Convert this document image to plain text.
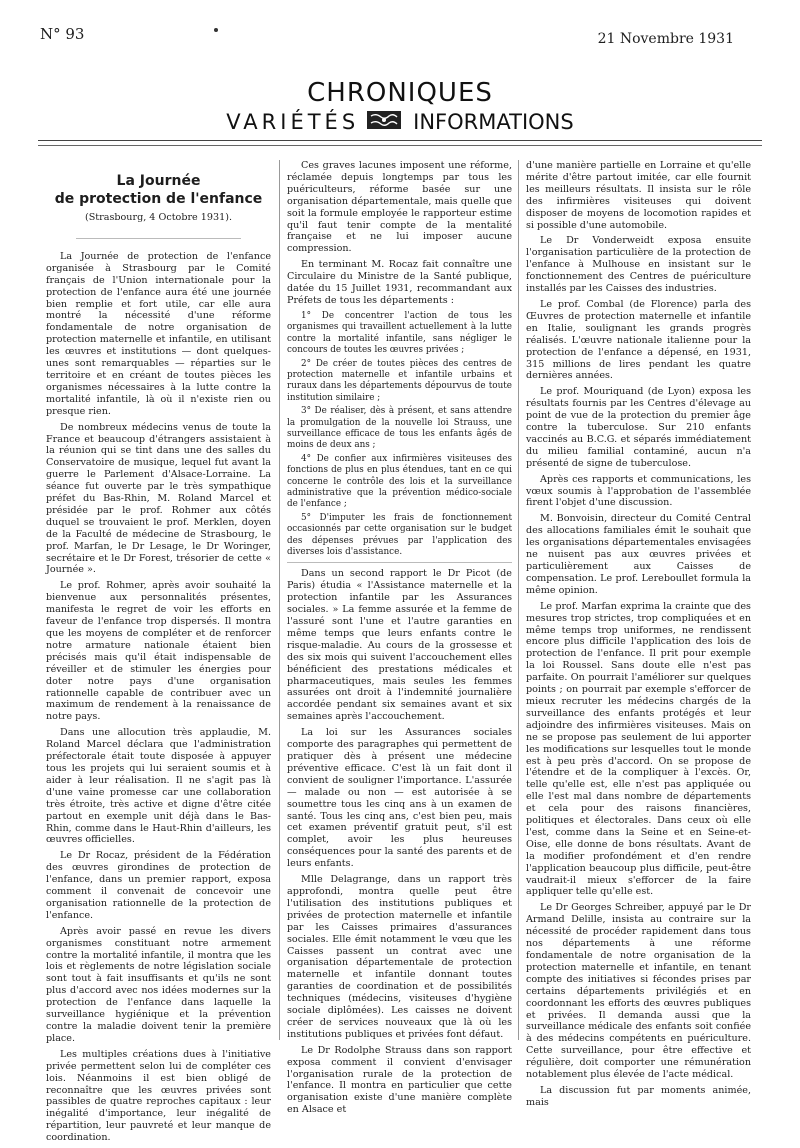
N° 93	21 Novembre 1931
CHRONIQUES
VARIÉTÉS	INFORMATIONS
La Journée
de protection de l'enfance
(Strasbourg, 4 Octobre 1931).

La Journée de protection de l'enfance organisée à Strasbourg par le Comité français de l'Union internationale pour la protection de l'enfance aura été une journée bien remplie et fort utile, car elle aura montré la nécessité d'une réforme fondamentale de notre organisation de protection maternelle et infantile, en utilisant les œuvres et institutions — dont quelques-unes sont remarquables — réparties sur le territoire et en créant de toutes pièces les organismes nécessaires à la lutte contre la mortalité infantile, là où il n'existe rien ou presque rien.

De nombreux médecins venus de toute la France et beaucoup d'étrangers assistaient à la réunion qui se tint dans une des salles du Conservatoire de musique, lequel fut avant la guerre le Parlement d'Alsace-Lorraine. La séance fut ouverte par le très sympathique préfet du Bas-Rhin, M. Roland Marcel et présidée par le prof. Rohmer aux côtés duquel se trouvaient le prof. Merklen, doyen de la Faculté de médecine de Strasbourg, le prof. Marfan, le Dr Lesage, le Dr Woringer, secrétaire et le Dr Forest, trésorier de cette « Journée ».

Le prof. Rohmer, après avoir souhaité la bienvenue aux personnalités présentes, manifesta le regret de voir les efforts en faveur de l'enfance trop dispersés. Il montra que les moyens de compléter et de renforcer notre armature nationale étaient bien précisés mais qu'il était indispensable de réveiller et de stimuler les énergies pour doter notre pays d'une organisation rationnelle capable de contribuer avec un maximum de rendement à la renaissance de notre pays.

Dans une allocution très applaudie, M. Roland Marcel déclara que l'administration préfectorale était toute disposée à appuyer tous les projets qui lui seraient soumis et à aider à leur réalisation. Il ne s'agit pas là d'une vaine promesse car une collaboration très étroite, très active et digne d'être citée partout en exemple unit déjà dans le Bas-Rhin, comme dans le Haut-Rhin d'ailleurs, les œuvres officielles.

Le Dr Rocaz, président de la Fédération des œuvres girondines de protection de l'enfance, dans un premier rapport, exposa comment il convenait de concevoir une organisation rationnelle de la protection de l'enfance.

Après avoir passé en revue les divers organismes constituant notre armement contre la mortalité infantile, il montra que les lois et règlements de notre législation sociale sont tout à fait insuffisants et qu'ils ne sont plus d'accord avec nos idées modernes sur la protection de l'enfance dans laquelle la surveillance hygiénique et la prévention contre la maladie doivent tenir la première place.

Les multiples créations dues à l'initiative privée permettent selon lui de compléter ces lois. Néanmoins il est bien obligé de reconnaître que les œuvres privées sont passibles de quatre reproches capitaux : leur inégalité d'importance, leur inégalité de répartition, leur pauvreté et leur manque de coordination.

Ces graves lacunes imposent une réforme, réclamée depuis longtemps par tous les puériculteurs, réforme basée sur une organisation départementale, mais quelle que soit la formule employée le rapporteur estime qu'il faut tenir compte de la mentalité française et ne lui imposer aucune compression.

En terminant M. Rocaz fait connaître une Circulaire du Ministre de la Santé publique, datée du 15 Juillet 1931, recommandant aux Préfets de tous les départements :

1° De concentrer l'action de tous les organismes qui travaillent actuellement à la lutte contre la mortalité infantile, sans négliger le concours de toutes les œuvres privées ;
2° De créer de toutes pièces des centres de protection maternelle et infantile urbains et ruraux dans les départements dépourvus de toute institution similaire ;
3° De réaliser, dès à présent, et sans attendre la promulgation de la nouvelle loi Strauss, une surveillance efficace de tous les enfants âgés de moins de deux ans ;
4° De confier aux infirmières visiteuses des fonctions de plus en plus étendues, tant en ce qui concerne le contrôle des lois et la surveillance administrative que la prévention médico-sociale de l'enfance ;
5° D'imputer les frais de fonctionnement occasionnés par cette organisation sur le budget des dépenses prévues par l'application des diverses lois d'assistance.

Dans un second rapport le Dr Picot (de Paris) étudia « l'Assistance maternelle et la protection infantile par les Assurances sociales. » La femme assurée et la femme de l'assuré sont l'une et l'autre garanties en même temps que leurs enfants contre le risque-maladie. Au cours de la grossesse et des six mois qui suivent l'accouchement elles bénéficient des prestations médicales et pharmaceutiques, mais seules les femmes assurées ont droit à l'indemnité journalière accordée pendant six semaines avant et six semaines après l'accouchement.

La loi sur les Assurances sociales comporte des paragraphes qui permettent de pratiquer dès à présent une médecine préventive efficace. C'est là un fait dont il convient de souligner l'importance. L'assurée — malade ou non — est autorisée à se soumettre tous les cinq ans à un examen de santé. Tous les cinq ans, c'est bien peu, mais cet examen préventif gratuit peut, s'il est complet, avoir les plus heureuses conséquences pour la santé des parents et de leurs enfants.

Mlle Delagrange, dans un rapport très approfondi, montra quelle peut être l'utilisation des institutions publiques et privées de protection maternelle et infantile par les Caisses primaires d'assurances sociales. Elle émit notamment le vœu que les Caisses passent un contrat avec une organisation départementale de protection maternelle et infantile donnant toutes garanties de coordination et de possibilités techniques (médecins, visiteuses d'hygiène sociale diplômées). Les caisses ne doivent créer de services nouveaux que là où les institutions publiques et privées font défaut.

Le Dr Rodolphe Strauss dans son rapport exposa comment il convient d'envisager l'organisation rurale de la protection de l'enfance. Il montra en particulier que cette organisation existe d'une manière complète en Alsace et

d'une manière partielle en Lorraine et qu'elle mérite d'être partout imitée, car elle fournit les meilleurs résultats. Il insista sur le rôle des infirmières visiteuses qui doivent disposer de moyens de locomotion rapides et si possible d'une automobile.

Le Dr Vonderweidt exposa ensuite l'organisation particulière de la protection de l'enfance à Mulhouse en insistant sur le fonctionnement des Centres de puériculture installés par les Caisses des industries.

Le prof. Combal (de Florence) parla des Œuvres de protection maternelle et infantile en Italie, soulignant les grands progrès réalisés. L'œuvre nationale italienne pour la protection de l'enfance a dépensé, en 1931, 315 millions de lires pendant les quatre dernières années.

Le prof. Mouriquand (de Lyon) exposa les résultats fournis par les Centres d'élevage au point de vue de la protection du premier âge contre la tuberculose. Sur 210 enfants vaccinés au B.C.G. et séparés immédiatement du milieu familial contaminé, aucun n'a présenté de signe de tuberculose.

Après ces rapports et communications, les vœux soumis à l'approbation de l'assemblée firent l'objet d'une discussion.

M. Bonvoisin, directeur du Comité Central des allocations familiales émit le souhait que les organisations départementales envisagées ne nuisent pas aux œuvres privées et particulièrement aux Caisses de compensation. Le prof. Lereboullet formula la même opinion.

Le prof. Marfan exprima la crainte que des mesures trop strictes, trop compliquées et en même temps trop uniformes, ne rendissent encore plus difficile l'application des lois de protection de l'enfance. Il prit pour exemple la loi Roussel. Sans doute elle n'est pas parfaite. On pourrait l'améliorer sur quelques points ; on pourrait par exemple s'efforcer de mieux recruter les médecins chargés de la surveillance des enfants protégés et leur adjoindre des infirmières visiteuses. Mais on ne se propose pas seulement de lui apporter les modifications sur lesquelles tout le monde est à peu près d'accord. On se propose de l'étendre et de la compliquer à l'excès. Or, telle qu'elle est, elle n'est pas appliquée ou elle l'est mal dans nombre de départements et cela pour des raisons financières, politiques et électorales. Dans ceux où elle l'est, comme dans la Seine et en Seine-et-Oise, elle donne de bons résultats. Avant de la modifier profondément et d'en rendre l'application beaucoup plus difficile, peut-être vaudrait-il mieux s'efforcer de la faire appliquer telle qu'elle est.

Le Dr Georges Schreiber, appuyé par le Dr Armand Delille, insista au contraire sur la nécessité de procéder rapidement dans tous nos départements à une réforme fondamentale de notre organisation de la protection maternelle et infantile, en tenant compte des initiatives si fécondes prises par certains départements privilégiés et en coordonnant les efforts des œuvres publiques et privées. Il demanda aussi que la surveillance médicale des enfants soit confiée à des médecins compétents en puériculture. Cette surveillance, pour être effective et régulière, doit comporter une rémunération notablement plus élevée de l'acte médical.

La discussion fut par moments animée, mais
